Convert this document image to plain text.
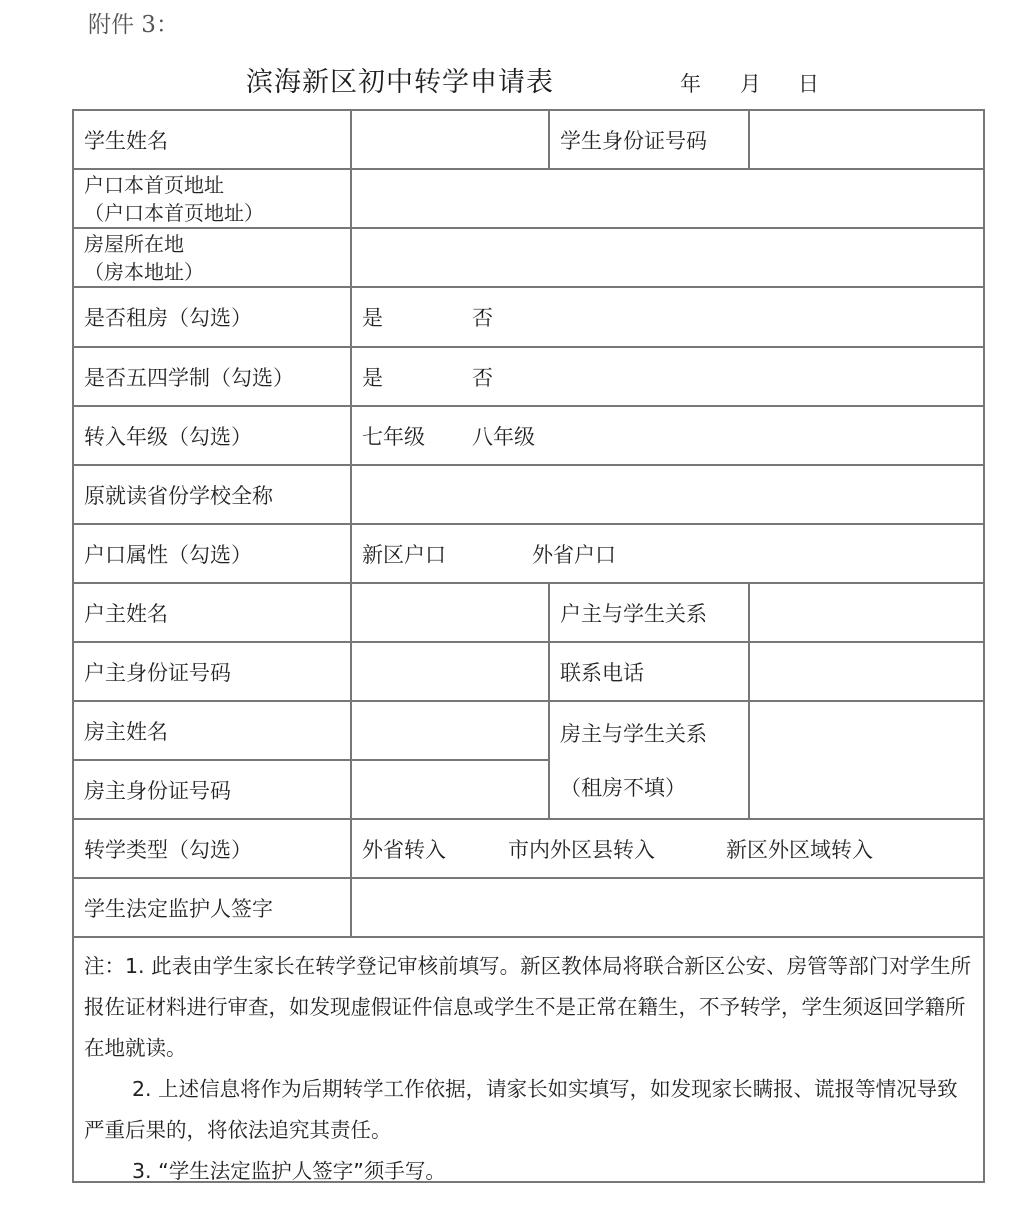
附件 3：
滨海新区初中转学申请表	年	月	日
学生姓名	学生身份证号码
户口本首页地址
（户口本首页地址）
房屋所在地
（房本地址）
是否租房（勾选）	是	否
是否五四学制（勾选）	是	否
转入年级（勾选）	七年级	八年级
原就读省份学校全称
户口属性（勾选）	新区户口	外省户口
户主姓名	户主与学生关系
户主身份证号码	联系电话
房主姓名
房主身份证号码
房主与学生关系
（租房不填）
转学类型（勾选）	外省转入	市内外区县转入	新区外区域转入
学生法定监护人签字

注：1. 此表由学生家长在转学登记审核前填写。新区教体局将联合新区公安、房管等部门对学生所报佐证材料进行审查，如发现虚假证件信息或学生不是正常在籍生，不予转学，学生须返回学籍所在地就读。

2. 上述信息将作为后期转学工作依据，请家长如实填写，如发现家长瞒报、谎报等情况导致严重后果的，将依法追究其责任。

3. “学生法定监护人签字”须手写。
